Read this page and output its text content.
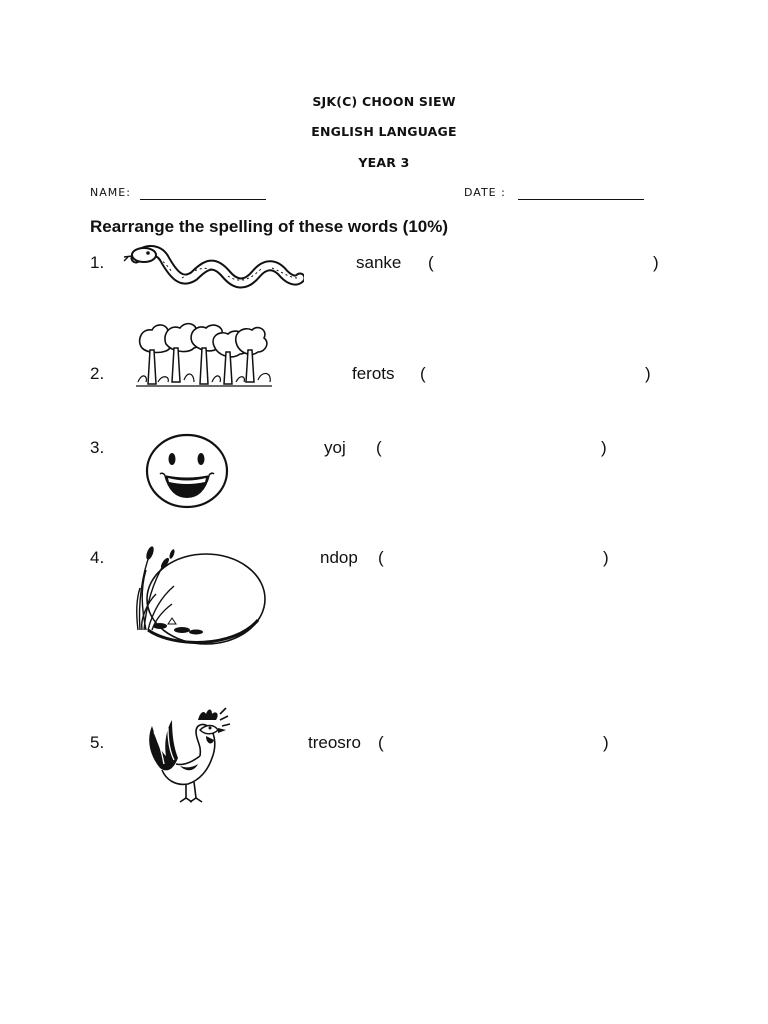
SJK(C) CHOON SIEW
ENGLISH LANGUAGE
YEAR 3
NAME:	DATE :
Rearrange the spelling of these words (10%)
1.	sanke (	)
2.	ferots (	)
3.	yoj (	)
4.	ndop (	)
5.	treosro (	)
